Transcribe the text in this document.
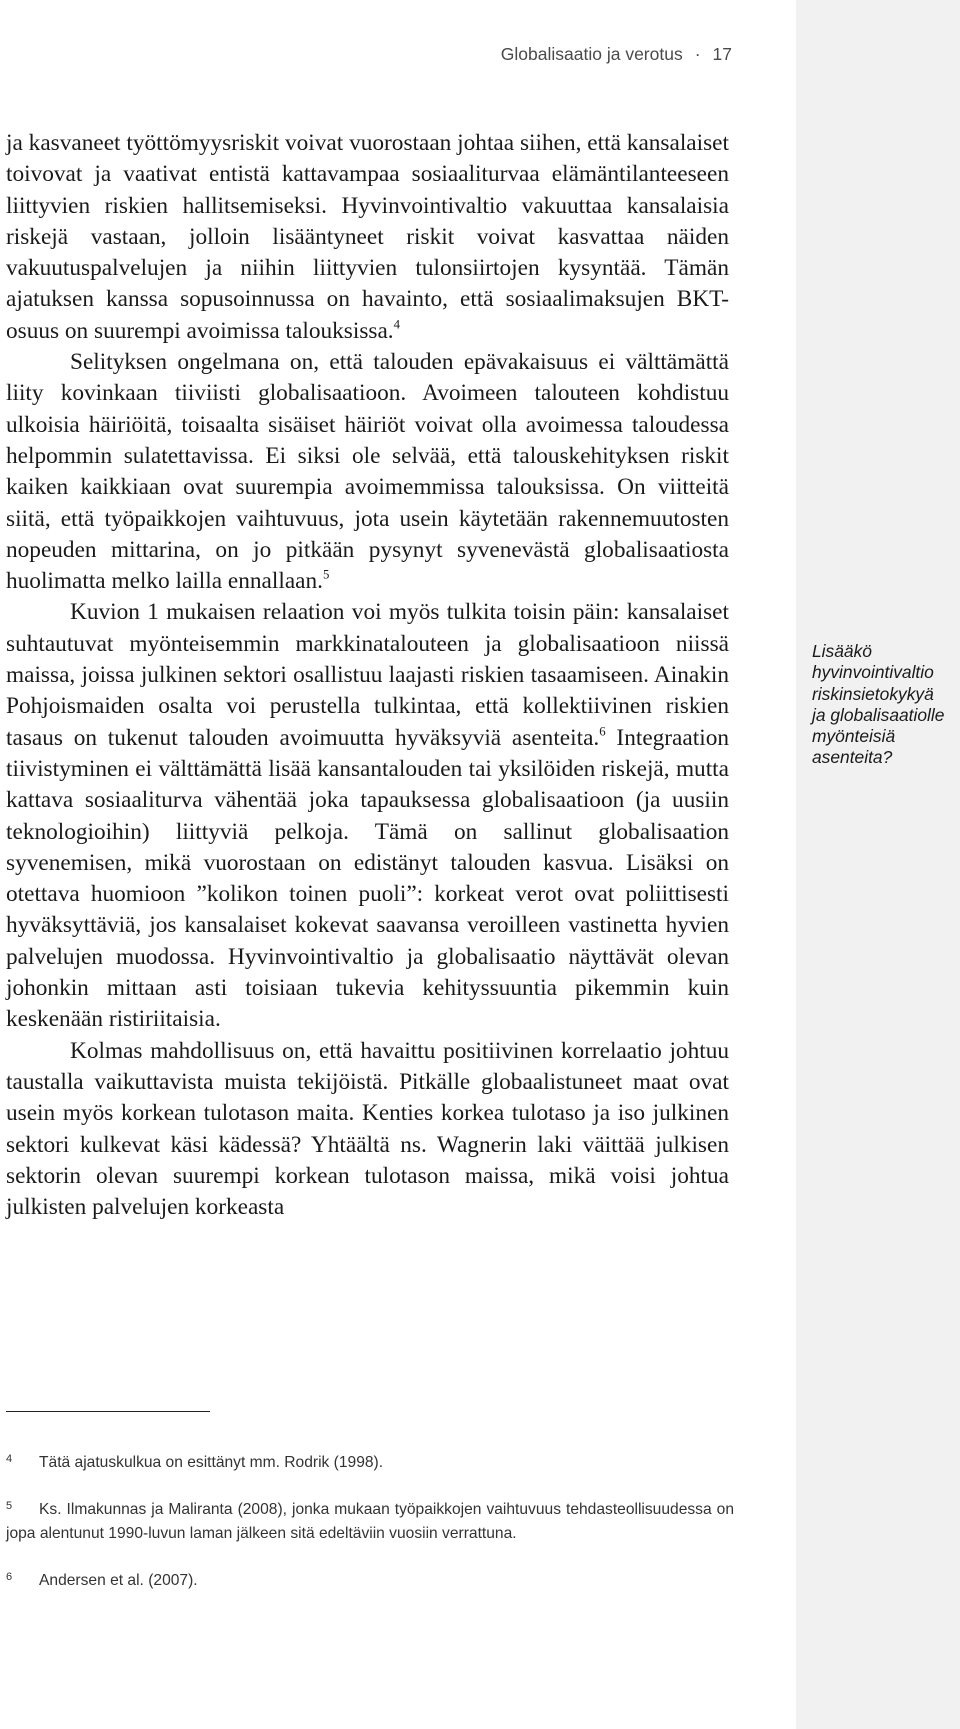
Globalisaatio ja verotus · 17

ja kasvaneet työttömyysriskit voivat vuorostaan johtaa siihen, että kansalaiset toivovat ja vaativat entistä kattavampaa sosiaaliturvaa elämäntilanteeseen liittyvien riskien hallitsemiseksi. Hyvinvointivaltio vakuuttaa kansalaisia riskejä vastaan, jolloin lisääntyneet riskit voivat kasvattaa näiden vakuutuspalvelujen ja niihin liittyvien tulonsiirtojen kysyntää. Tämän ajatuksen kanssa sopusoinnussa on havainto, että sosiaalimaksujen BKT-osuus on suurempi avoimissa talouksissa.$^4$

Selityksen ongelmana on, että talouden epävakaisuus ei välttämättä liity kovinkaan tiiviisti globalisaatioon. Avoimeen talouteen kohdistuu ulkoisia häiriöitä, toisaalta sisäiset häiriöt voivat olla avoimessa taloudessa helpommin sulatettavissa. Ei siksi ole selvää, että talouskehityksen riskit kaiken kaikkiaan ovat suurempia avoimemmissa talouksissa. On viitteitä siitä, että työpaikkojen vaihtuvuus, jota usein käytetään rakennemuutosten nopeuden mittarina, on jo pitkään pysynyt syvenevästä globalisaatiosta huolimatta melko lailla ennallaan.$^5$

Kuvion 1 mukaisen relaation voi myös tulkita toisin päin: kansalaiset suhtautuvat myönteisemmin markkinatalouteen ja globalisaatioon niissä maissa, joissa julkinen sektori osallistuu laajasti riskien tasaamiseen. Ainakin Pohjoismaiden osalta voi perustella tulkintaa, että kollektiivinen riskien tasaus on tukenut talouden avoimuutta hyväksyviä asenteita.$^6$ Integraation tiivistyminen ei välttämättä lisää kansantalouden tai yksilöiden riskejä, mutta kattava sosiaaliturva vähentää joka tapauksessa globalisaatioon (ja uusiin teknologioihin) liittyviä pelkoja. Tämä on sallinut globalisaation syvenemisen, mikä vuorostaan on edistänyt talouden kasvua. Lisäksi on otettava huomioon ”kolikon toinen puoli”: korkeat verot ovat poliittisesti hyväksyttäviä, jos kansalaiset kokevat saavansa veroilleen vastinetta hyvien palvelujen muodossa. Hyvinvointivaltio ja globalisaatio näyttävät olevan johonkin mittaan asti toisiaan tukevia kehityssuuntia pikemmin kuin keskenään ristiriitaisia.

Kolmas mahdollisuus on, että havaittu positiivinen korrelaatio johtuu taustalla vaikuttavista muista tekijöistä. Pitkälle globaalistuneet maat ovat usein myös korkean tulotason maita. Kenties korkea tulotaso ja iso julkinen sektori kulkevat käsi kädessä? Yhtäältä ns. Wagnerin laki väittää julkisen sektorin olevan suurempi korkean tulotason maissa, mikä voisi johtua julkisten palvelujen korkeasta

Lisääkö hyvinvointivaltio riskinsietokykyä ja globalisaatiolle myönteisiä asenteita?
4 Tätä ajatuskulkua on esittänyt mm. Rodrik (1998).
5	Ks. Ilmakunnas ja Maliranta (2008), jonka mukaan työpaikkojen vaihtuvuus tehdasteollisuudessa on jopa alentunut 1990-luvun laman jälkeen sitä edeltäviin vuosiin verrattuna.
6 Andersen et al. (2007).
